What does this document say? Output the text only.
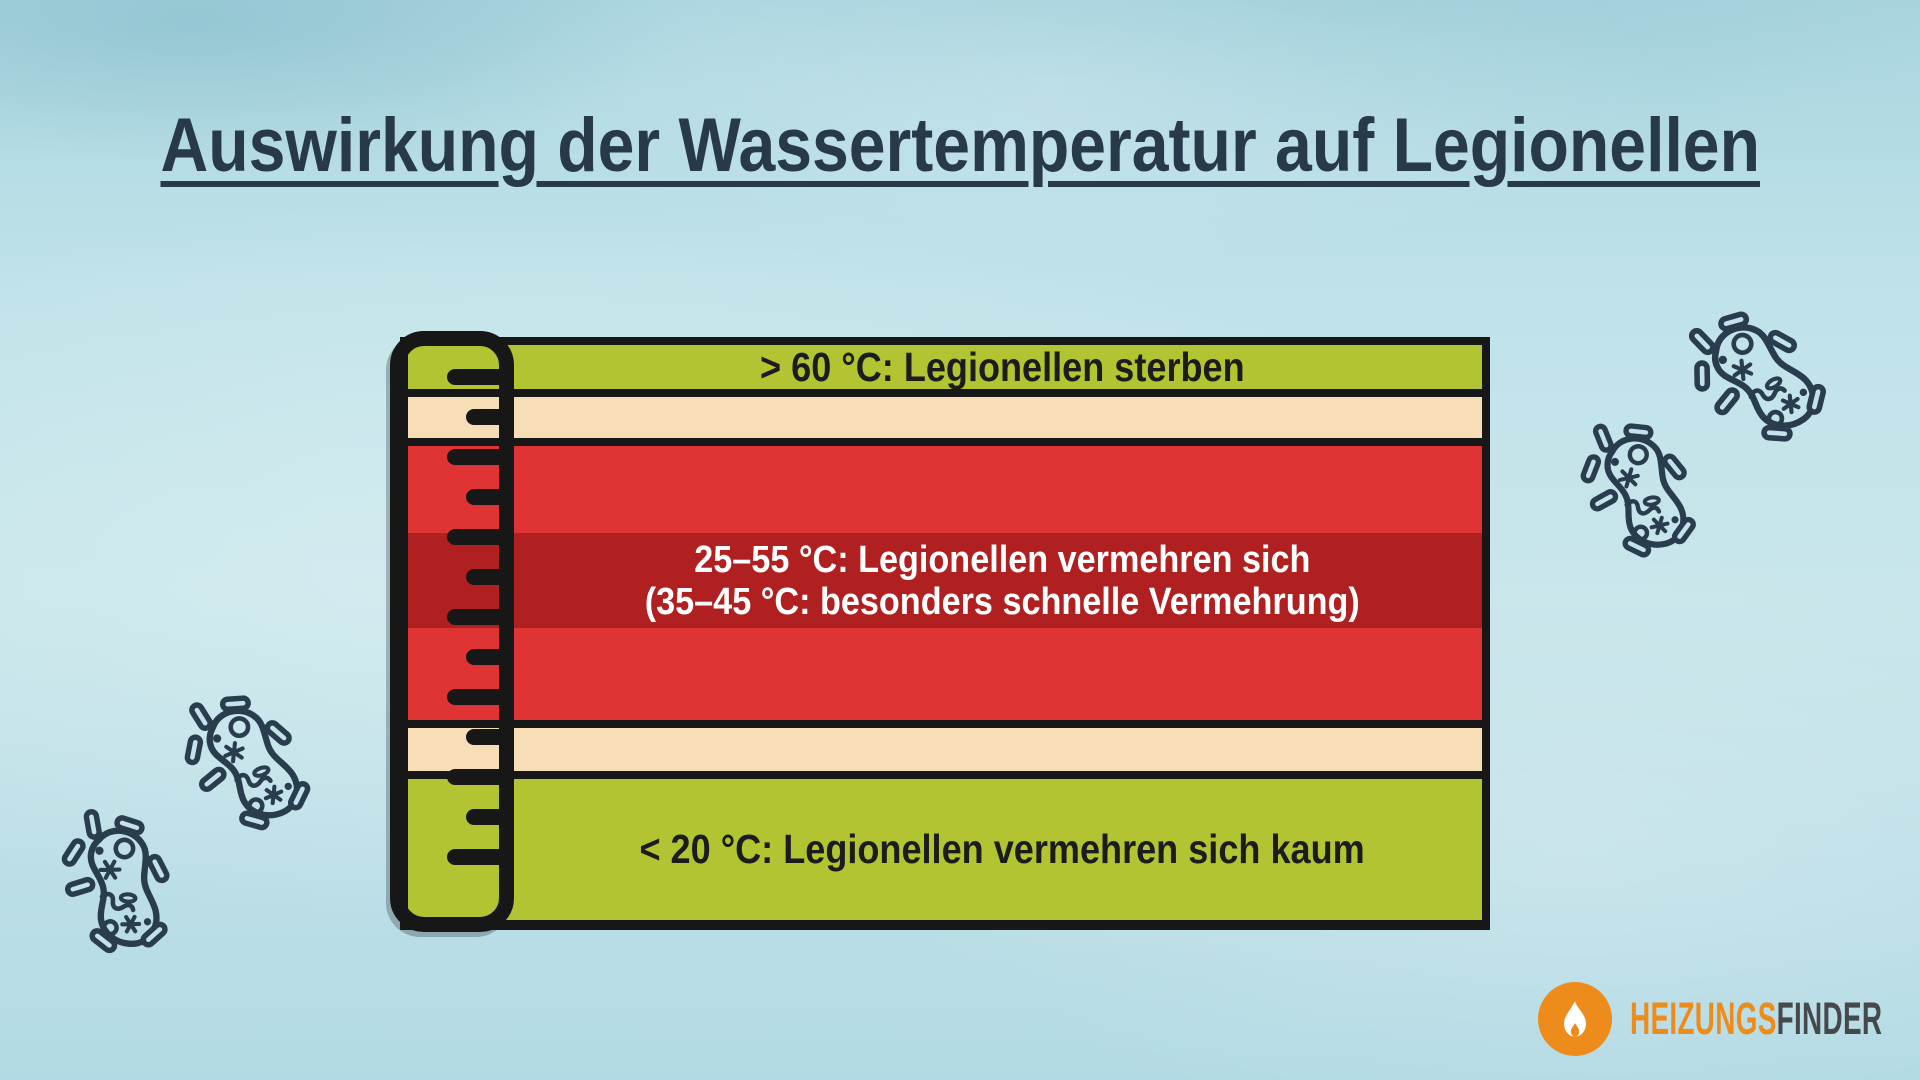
Auswirkung der Wassertemperatur auf Legionellen
> 60 °C: Legionellen sterben
25–55 °C: Legionellen vermehren sich
(35–45 °C: besonders schnelle Vermehrung)
< 20 °C: Legionellen vermehren sich kaum
HEIZUNGSFINDER
